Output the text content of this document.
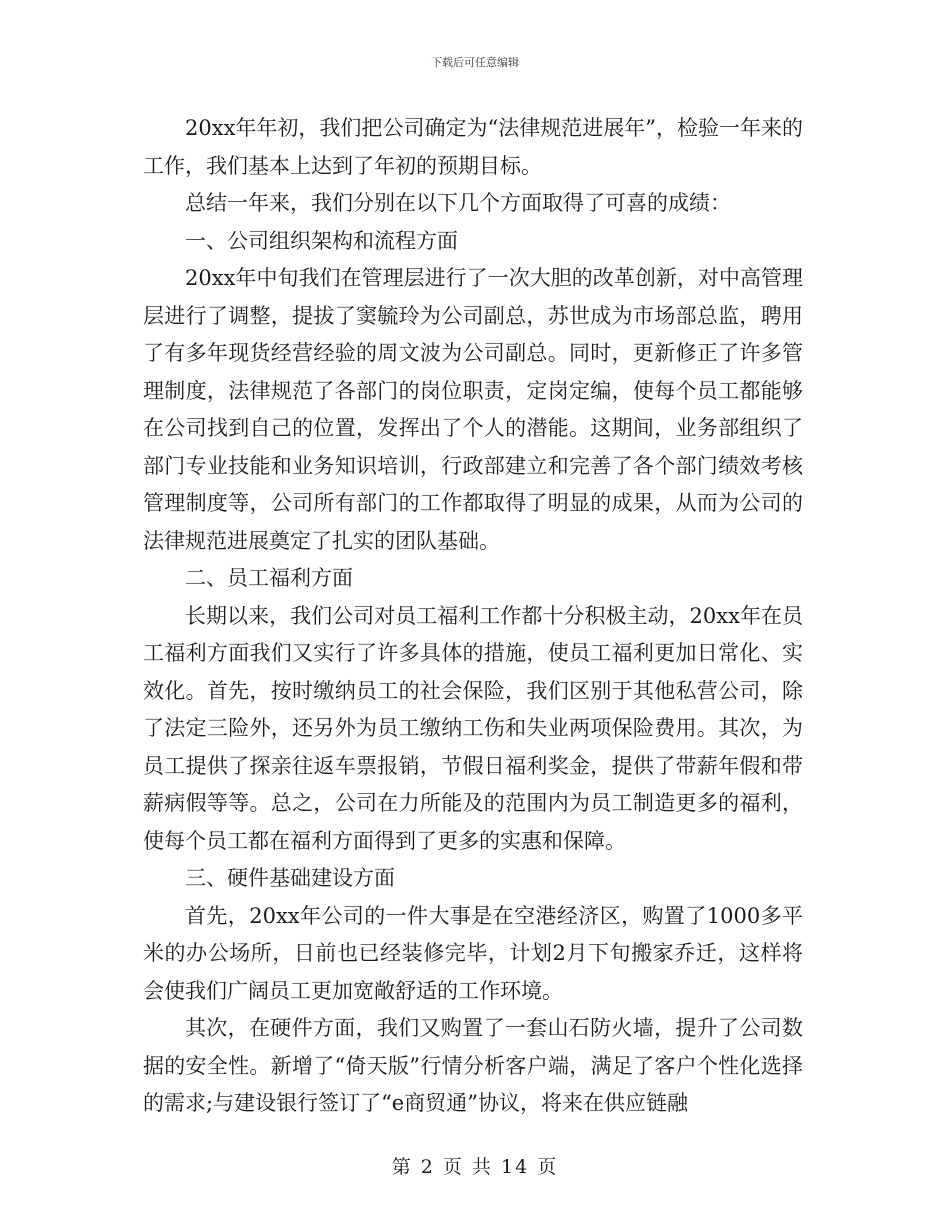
下载后可任意编辑

20xx年年初，我们把公司确定为“法律规范进展年”，检验一年来的工作，我们基本上达到了年初的预期目标。

总结一年来，我们分别在以下几个方面取得了可喜的成绩：

一、公司组织架构和流程方面

20xx年中旬我们在管理层进行了一次大胆的改革创新，对中高管理层进行了调整，提拔了窦毓玲为公司副总，苏世成为市场部总监，聘用了有多年现货经营经验的周文波为公司副总。同时，更新修正了许多管理制度，法律规范了各部门的岗位职责，定岗定编，使每个员工都能够在公司找到自己的位置，发挥出了个人的潜能。这期间，业务部组织了部门专业技能和业务知识培训，行政部建立和完善了各个部门绩效考核管理制度等，公司所有部门的工作都取得了明显的成果，从而为公司的法律规范进展奠定了扎实的团队基础。

二、员工福利方面

长期以来，我们公司对员工福利工作都十分积极主动，20xx年在员工福利方面我们又实行了许多具体的措施，使员工福利更加日常化、实效化。首先，按时缴纳员工的社会保险，我们区别于其他私营公司，除了法定三险外，还另外为员工缴纳工伤和失业两项保险费用。其次，为员工提供了探亲往返车票报销，节假日福利奖金，提供了带薪年假和带薪病假等等。总之，公司在力所能及的范围内为员工制造更多的福利，使每个员工都在福利方面得到了更多的实惠和保障。

三、硬件基础建设方面

首先，20xx年公司的一件大事是在空港经济区，购置了1000多平米的办公场所，日前也已经装修完毕，计划2月下旬搬家乔迁，这样将会使我们广阔员工更加宽敞舒适的工作环境。

其次，在硬件方面，我们又购置了一套山石防火墙，提升了公司数据的安全性。新增了“倚天版”行情分析客户端，满足了客户个性化选择的需求;与建设银行签订了“e商贸通”协议，将来在供应链融

第 2 页 共 14 页
